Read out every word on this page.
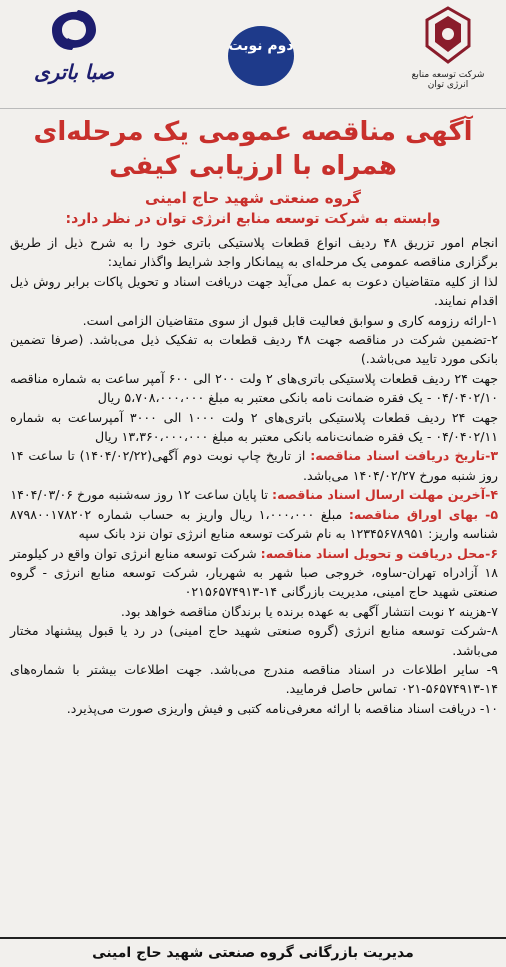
صبا باتری
دوم نوبت
شرکت توسعه منابع انرژی توان
آگهی مناقصه عمومی یک مرحله‌ای
همراه با ارزیابی کیفی
گروه صنعتی شهید حاج امینی
وابسته به شرکت توسعه منابع انرژی توان در نظر دارد:

انجام امور تزریق ۴۸ ردیف انواع قطعات پلاستیکی باتری خود را به شرح ذیل از طریق برگزاری مناقصه عمومی یک مرحله‌ای به پیمانکار واجد شرایط واگذار نماید:

لذا از کلیه متقاضیان دعوت به عمل می‌آید جهت دریافت اسناد و تحویل پاکات برابر روش ذیل اقدام نمایند.

۱-ارائه رزومه کاری و سوابق فعالیت قابل قبول از سوی متقاضیان الزامی است.

۲-تضمین شرکت در مناقصه جهت ۴۸ ردیف قطعات به تفکیک ذیل می‌باشد. (صرفا تضمین بانکی مورد تایید می‌باشد.)

جهت ۲۴ ردیف قطعات پلاستیکی باتری‌های ۲ ولت ۲۰۰ الی ۶۰۰ آمپر ساعت به شماره مناقصه ۰۴/۰۴۰۲/۱۰ - یک فقره ضمانت نامه بانکی معتبر به مبلغ ۵،۷۰۸،۰۰۰،۰۰۰ ریال

جهت ۲۴ ردیف قطعات پلاستیکی باتری‌های ۲ ولت ۱۰۰۰ الی ۳۰۰۰ آمپرساعت به شماره ۰۴/۰۴۰۲/۱۱ - یک فقره ضمانت‌نامه بانکی معتبر به مبلغ ۱۳،۳۶۰،۰۰۰،۰۰۰ ریال

۳-تاریخ دریافت اسناد مناقصه: از تاریخ چاپ نوبت دوم آگهی(۱۴۰۴/۰۲/۲۲) تا ساعت ۱۴ روز شنبه مورخ ۱۴۰۴/۰۲/۲۷ می‌باشد.

۴-آخرین مهلت ارسال اسناد مناقصه: تا پایان ساعت ۱۲ روز سه‌شنبه مورخ ۱۴۰۴/۰۳/۰۶

۵- بهای اوراق مناقصه: مبلغ ۱،۰۰۰،۰۰۰ ریال واریز به حساب شماره ۸۷۹۸۰۰۱۷۸۲۰۲ شناسه واریز: ۱۲۳۴۵۶۷۸۹۵۱ به نام شرکت توسعه منابع انرژی توان نزد بانک سپه

۶-محل دریافت و تحویل اسناد مناقصه: شرکت توسعه منابع انرژی توان واقع در کیلومتر ۱۸ آزادراه تهران-ساوه، خروجی صبا شهر به شهریار، شرکت توسعه منابع انرژی - گروه صنعتی شهید حاج امینی، مدیریت بازرگانی ۱۴-۰۲۱۵۶۵۷۴۹۱۳

۷-هزینه ۲ نوبت انتشار آگهی به عهده برنده یا برندگان مناقصه خواهد بود.

۸-شرکت توسعه منابع انرژی (گروه صنعتی شهید حاج امینی) در رد یا قبول پیشنهاد مختار می‌باشد.

۹- سایر اطلاعات در اسناد مناقصه مندرج می‌باشد. جهت اطلاعات بیشتر با شماره‌های ۱۴-۵۶۵۷۴۹۱۳-۰۲۱ تماس حاصل فرمایید.

۱۰- دریافت اسناد مناقصه با ارائه معرفی‌نامه کتبی و فیش واریزی صورت می‌پذیرد.

مدیریت بازرگانی گروه صنعتی شهید حاج امینی
